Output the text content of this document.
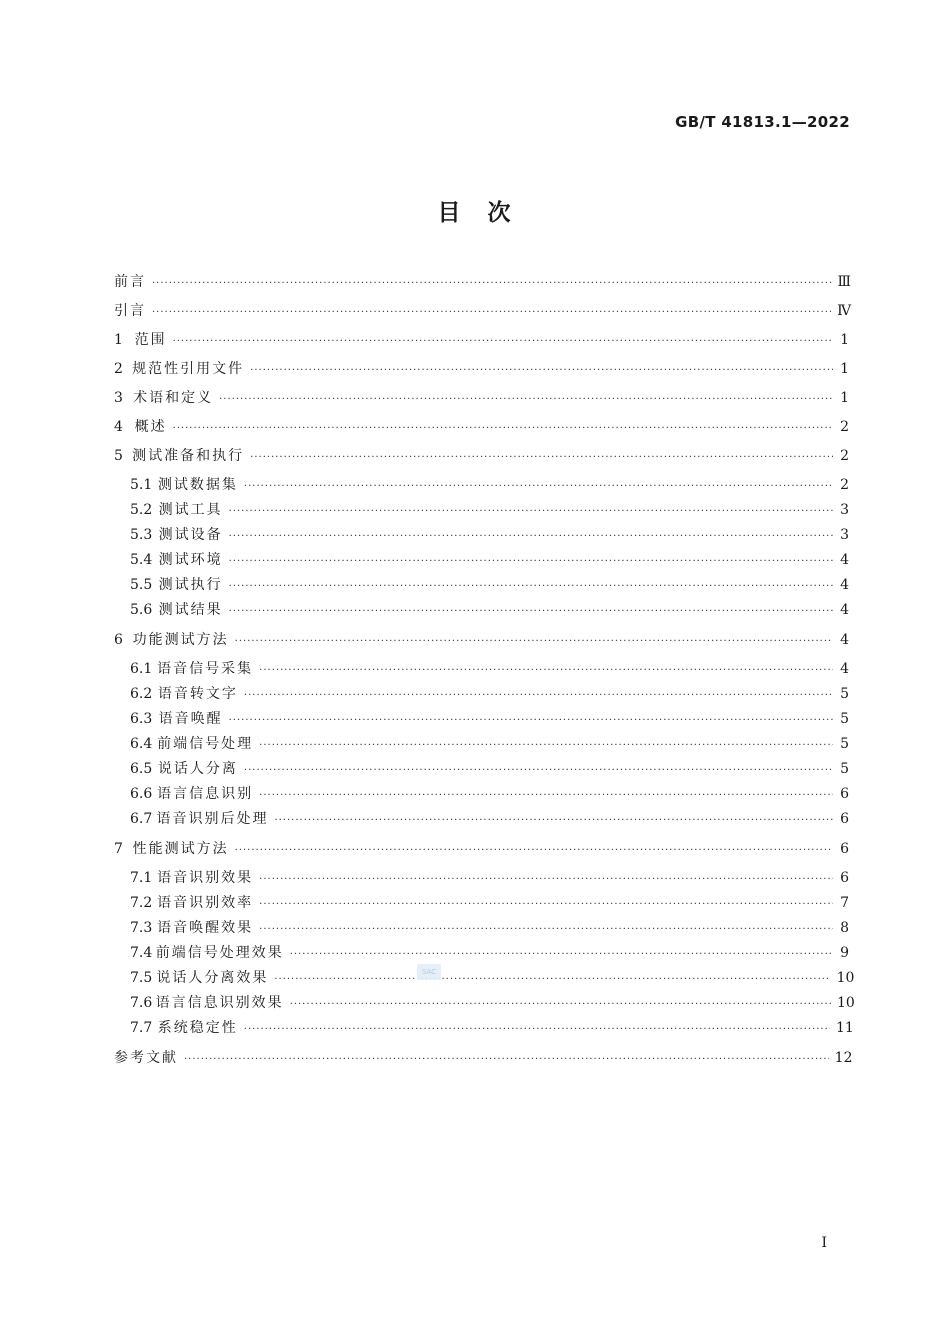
GB/T 41813.1—2022
目　次
前言 ·····	Ⅲ
引言 ·····	Ⅳ
1 范围 ·····	1
2 规范性引用文件 ·····	1
3 术语和定义 ·····	1
4 概述 ·····	2
5 测试准备和执行 ·····	2
5.1 测试数据集 ·····	2
5.2 测试工具 ·····	3
5.3 测试设备 ·····	3
5.4 测试环境 ·····	4
5.5 测试执行 ·····	4
5.6 测试结果 ·····	4
6 功能测试方法 ·····	4
6.1 语音信号采集 ·····	4
6.2 语音转文字 ·····	5
6.3 语音唤醒 ·····	5
6.4 前端信号处理 ·····	5
6.5 说话人分离 ·····	5
6.6 语言信息识别 ·····	6
6.7 语音识别后处理 ·····	6
7 性能测试方法 ·····	6
7.1 语音识别效果 ·····	6
7.2 语音识别效率 ·····	7
7.3 语音唤醒效果 ·····	8
7.4 前端信号处理效果 ·····	9
7.5 说话人分离效果 ·····	10
7.6 语言信息识别效果 ·····	10
7.7 系统稳定性 ·····	11
参考文献 ·····	12
SAC
Ⅰ
